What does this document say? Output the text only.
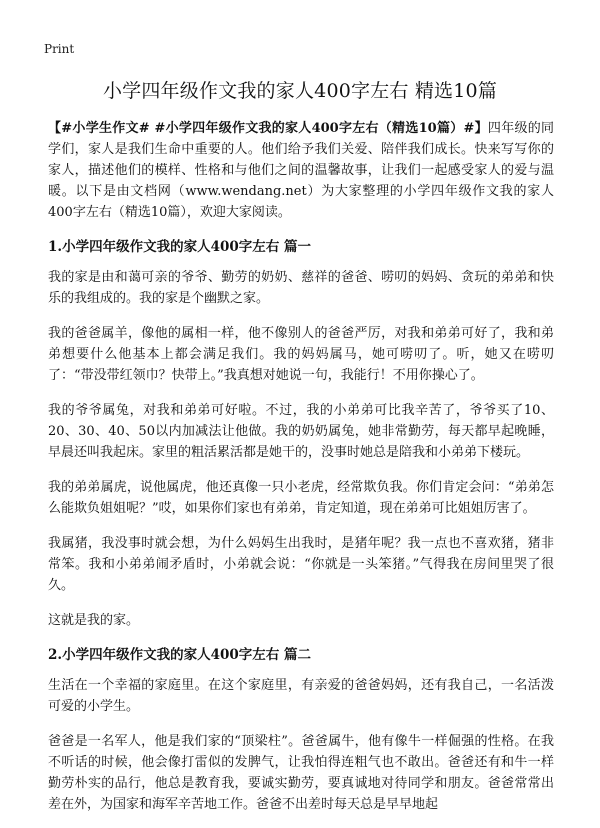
Print
小学四年级作文我的家人400字左右 精选10篇

【#小学生作文# #小学四年级作文我的家人400字左右（精选10篇）#】四年级的同学们，家人是我们生命中重要的人。他们给予我们关爱、陪伴我们成长。快来写写你的家人，描述他们的模样、性格和与他们之间的温馨故事，让我们一起感受家人的爱与温暖。以下是由文档网（www.wendang.net）为大家整理的小学四年级作文我的家人400字左右（精选10篇），欢迎大家阅读。

1.小学四年级作文我的家人400字左右 篇一

我的家是由和蔼可亲的爷爷、勤劳的奶奶、慈祥的爸爸、唠叨的妈妈、贪玩的弟弟和快乐的我组成的。我的家是个幽默之家。

我的爸爸属羊，像他的属相一样，他不像别人的爸爸严厉，对我和弟弟可好了，我和弟弟想要什么他基本上都会满足我们。我的妈妈属马，她可唠叨了。听，她又在唠叨了：“带没带红领巾？快带上。”我真想对她说一句，我能行！不用你操心了。

我的爷爷属兔，对我和弟弟可好啦。不过，我的小弟弟可比我辛苦了，爷爷买了10、20、30、40、50以内加减法让他做。我的奶奶属兔，她非常勤劳，每天都早起晚睡，早晨还叫我起床。家里的粗活累活都是她干的，没事时她总是陪我和小弟弟下楼玩。

我的弟弟属虎，说他属虎，他还真像一只小老虎，经常欺负我。你们肯定会问：“弟弟怎么能欺负姐姐呢？”哎，如果你们家也有弟弟，肯定知道，现在弟弟可比姐姐厉害了。

我属猪，我没事时就会想，为什么妈妈生出我时，是猪年呢？我一点也不喜欢猪，猪非常笨。我和小弟弟闹矛盾时，小弟就会说：“你就是一头笨猪。”气得我在房间里哭了很久。

这就是我的家。

2.小学四年级作文我的家人400字左右 篇二

生活在一个幸福的家庭里。在这个家庭里，有亲爱的爸爸妈妈，还有我自己，一名活泼可爱的小学生。

爸爸是一名军人，他是我们家的“顶梁柱”。爸爸属牛，他有像牛一样倔强的性格。在我不听话的时候，他会像打雷似的发脾气，让我怕得连粗气也不敢出。爸爸还有和牛一样勤劳朴实的品行，他总是教育我，要诚实勤劳，要真诚地对待同学和朋友。爸爸常常出差在外，为国家和海军辛苦地工作。爸爸不出差时每天总是早早地起
